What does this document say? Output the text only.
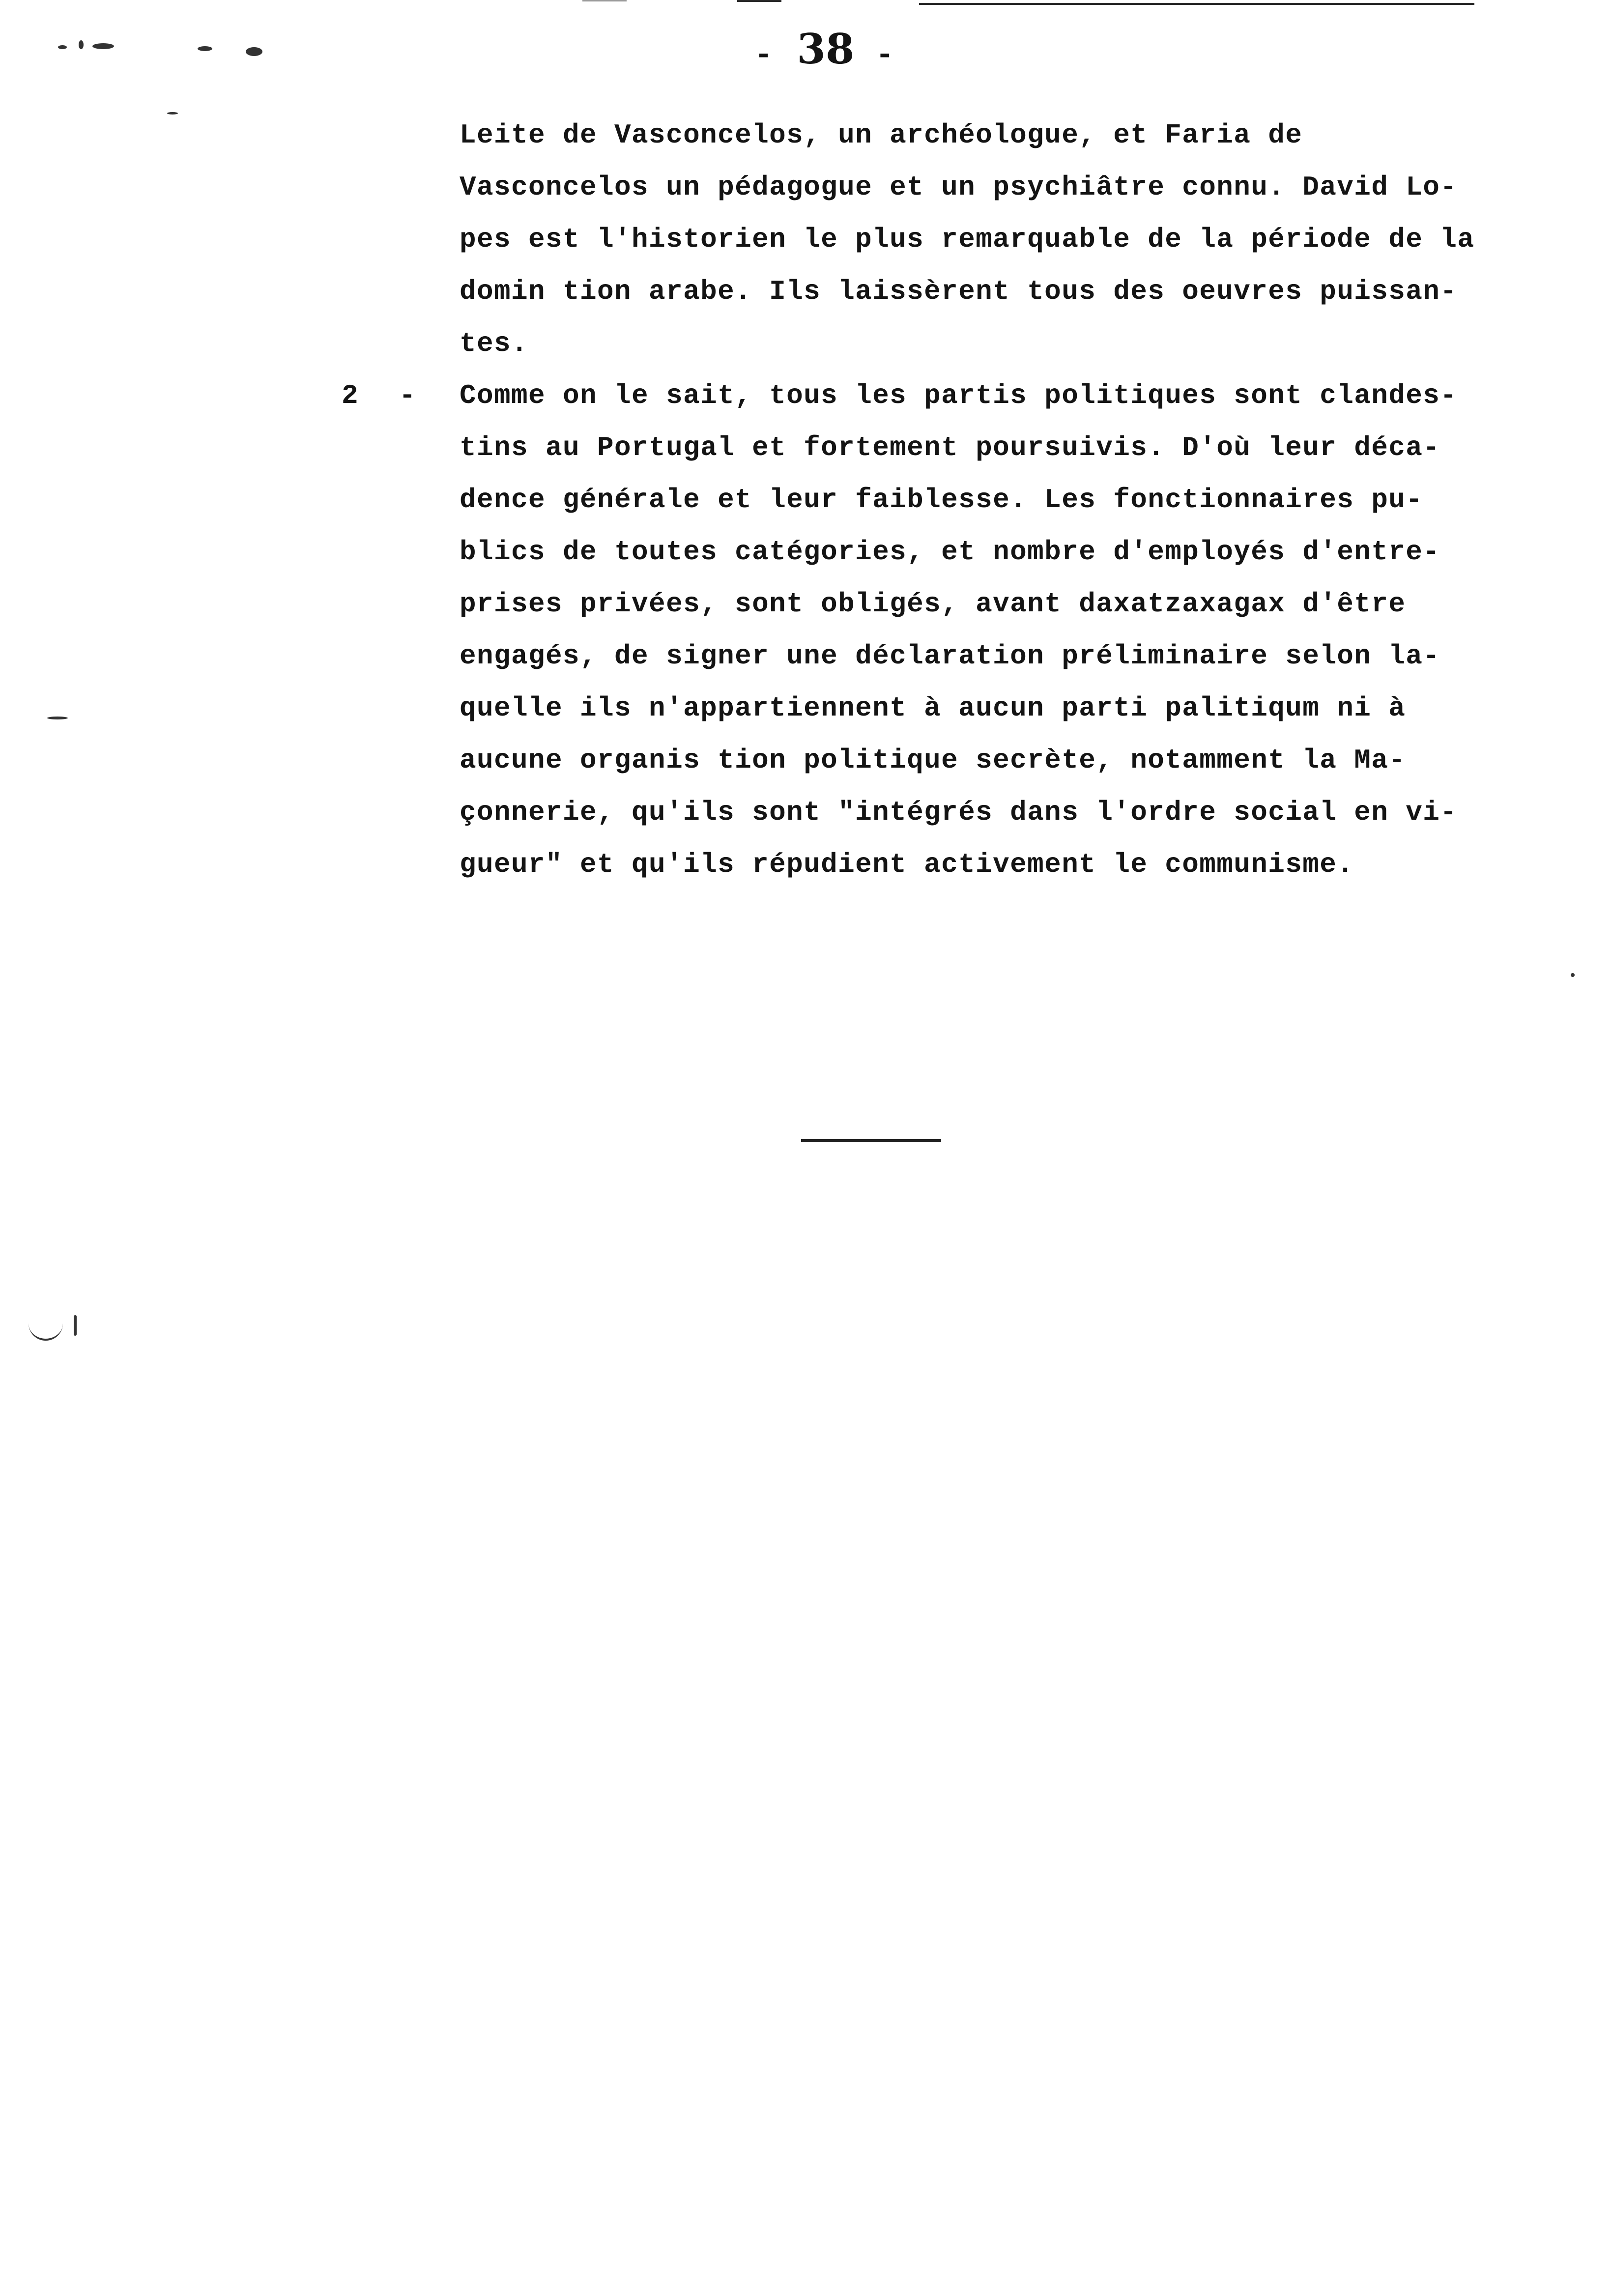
- 38 -
Leite de Vasconcelos, un archéologue, et Faria de
Vasconcelos un pédagogue et un psychiâtre connu. David Lo-
pes est l'historien le plus remarquable de la période de la
domin tion arabe. Ils laissèrent tous des oeuvres puissan-
tes.
2 - Comme on le sait, tous les partis politiques sont clandes-
tins au Portugal et fortement poursuivis. D'où leur déca-
dence générale et leur faiblesse. Les fonctionnaires pu-
blics de toutes catégories, et nombre d'employés d'entre-
prises privées, sont obligés, avant daxatzaxagax d'être
engagés, de signer une déclaration préliminaire selon la-
quelle ils n'appartiennent à aucun parti palitiqum ni à
aucune organis tion politique secrète, notamment la Ma-
çonnerie, qu'ils sont "intégrés dans l'ordre social en vi-
gueur" et qu'ils répudient activement le communisme.
